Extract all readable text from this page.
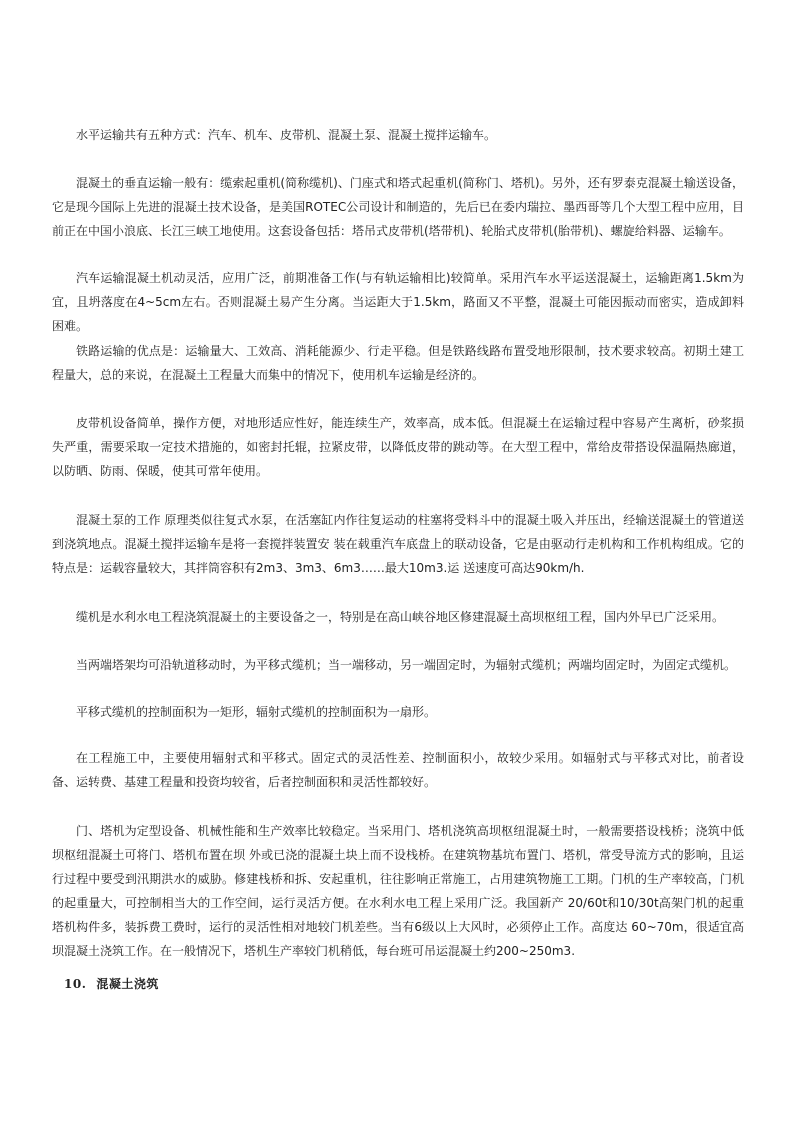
水平运输共有五种方式：汽车、机车、皮带机、混凝土泵、混凝土搅拌运输车。

混凝土的垂直运输一般有：缆索起重机(简称缆机)、门座式和塔式起重机(简称门、塔机)。另外，还有罗泰克混凝土输送设备，它是现今国际上先进的混凝土技术设备，是美国ROTEC公司设计和制造的，先后已在委内瑞拉、墨西哥等几个大型工程中应用，目前正在中国小浪底、长江三峡工地使用。这套设备包括：塔吊式皮带机(塔带机)、轮胎式皮带机(胎带机)、螺旋给料器、运输车。

汽车运输混凝土机动灵活，应用广泛，前期准备工作(与有轨运输相比)较简单。采用汽车水平运送混凝土，运输距离1.5km为宜，且坍落度在4~5cm左右。否则混凝土易产生分离。当运距大于1.5km，路面又不平整，混凝土可能因振动而密实，造成卸料困难。

铁路运输的优点是：运输量大、工效高、消耗能源少、行走平稳。但是铁路线路布置受地形限制，技术要求较高。初期土建工程量大，总的来说，在混凝土工程量大而集中的情况下，使用机车运输是经济的。

皮带机设备简单，操作方便，对地形适应性好，能连续生产，效率高，成本低。但混凝土在运输过程中容易产生离析，砂浆损失严重，需要采取一定技术措施的，如密封托辊，拉紧皮带，以降低皮带的跳动等。在大型工程中，常给皮带搭设保温隔热廊道，以防晒、防雨、保暖，使其可常年使用。

混凝土泵的工作 原理类似往复式水泵，在活塞缸内作往复运动的柱塞将受料斗中的混凝土吸入并压出，经输送混凝土的管道送到浇筑地点。混凝土搅拌运输车是将一套搅拌装置安 装在载重汽车底盘上的联动设备，它是由驱动行走机构和工作机构组成。它的特点是：运载容量较大，其拌筒容积有2m3、3m3、6m3……最大10m3.运 送速度可高达90km/h.

缆机是水利水电工程浇筑混凝土的主要设备之一，特别是在高山峡谷地区修建混凝土高坝枢纽工程，国内外早已广泛采用。

当两端塔架均可沿轨道移动时，为平移式缆机；当一端移动，另一端固定时，为辐射式缆机；两端均固定时，为固定式缆机。

平移式缆机的控制面积为一矩形，辐射式缆机的控制面积为一扇形。

在工程施工中，主要使用辐射式和平移式。固定式的灵活性差、控制面积小，故较少采用。如辐射式与平移式对比，前者设备、运转费、基建工程量和投资均较省，后者控制面积和灵活性都较好。

门、塔机为定型设备、机械性能和生产效率比较稳定。当采用门、塔机浇筑高坝枢纽混凝土时，一般需要搭设栈桥；浇筑中低坝枢纽混凝土可将门、塔机布置在坝 外或已浇的混凝土块上而不设栈桥。在建筑物基坑布置门、塔机，常受导流方式的影响，且运行过程中要受到汛期洪水的威胁。修建栈桥和拆、安起重机，往往影响正常施工，占用建筑物施工工期。门机的生产率较高，门机的起重量大，可控制相当大的工作空间，运行灵活方便。在水利水电工程上采用广泛。我国新产 20/60t和10/30t高架门机的起重塔机构件多，装拆费工费时，运行的灵活性相对地较门机差些。当有6级以上大风时，必须停止工作。高度达 60~70m，很适宜高坝混凝土浇筑工作。在一般情况下，塔机生产率较门机稍低，每台班可吊运混凝土约200~250m3.

10. 混凝土浇筑
